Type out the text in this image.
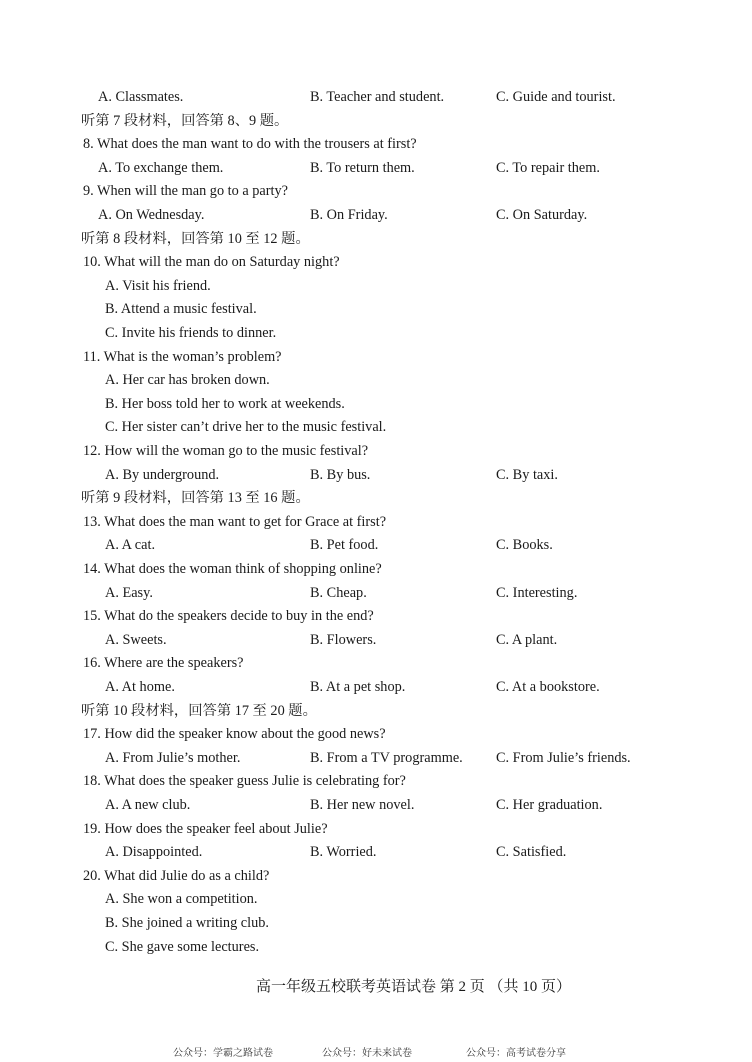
A. Classmates.	B. Teacher and student.	C. Guide and tourist.
听第 7 段材料，回答第 8、9 题。
8. What does the man want to do with the trousers at first?
A. To exchange them.	B. To return them.	C. To repair them.
9. When will the man go to a party?
A. On Wednesday.	B. On Friday.	C. On Saturday.
听第 8 段材料，回答第 10 至 12 题。
10. What will the man do on Saturday night?
A. Visit his friend.
B. Attend a music festival.
C. Invite his friends to dinner.
11. What is the woman’s problem?
A. Her car has broken down.
B. Her boss told her to work at weekends.
C. Her sister can’t drive her to the music festival.
12. How will the woman go to the music festival?
A. By underground.	B. By bus.	C. By taxi.
听第 9 段材料，回答第 13 至 16 题。
13. What does the man want to get for Grace at first?
A. A cat.	B. Pet food.	C. Books.
14. What does the woman think of shopping online?
A. Easy.	B. Cheap.	C. Interesting.
15. What do the speakers decide to buy in the end?
A. Sweets.	B. Flowers.	C. A plant.
16. Where are the speakers?
A. At home.	B. At a pet shop.	C. At a bookstore.
听第 10 段材料，回答第 17 至 20 题。
17. How did the speaker know about the good news?
A. From Julie’s mother.	B. From a TV programme. C. From Julie’s friends.
18. What does the speaker guess Julie is celebrating for?
A. A new club.	B. Her new novel.	C. Her graduation.
19. How does the speaker feel about Julie?
A. Disappointed.	B. Worried.	C. Satisfied.
20. What did Julie do as a child?
A. She won a competition.
B. She joined a writing club.
C. She gave some lectures.
高一年级五校联考英语试卷 第 2 页 （共 10 页）
公众号：学霸之路试卷	公众号：好未来试卷	公众号：高考试卷分享
